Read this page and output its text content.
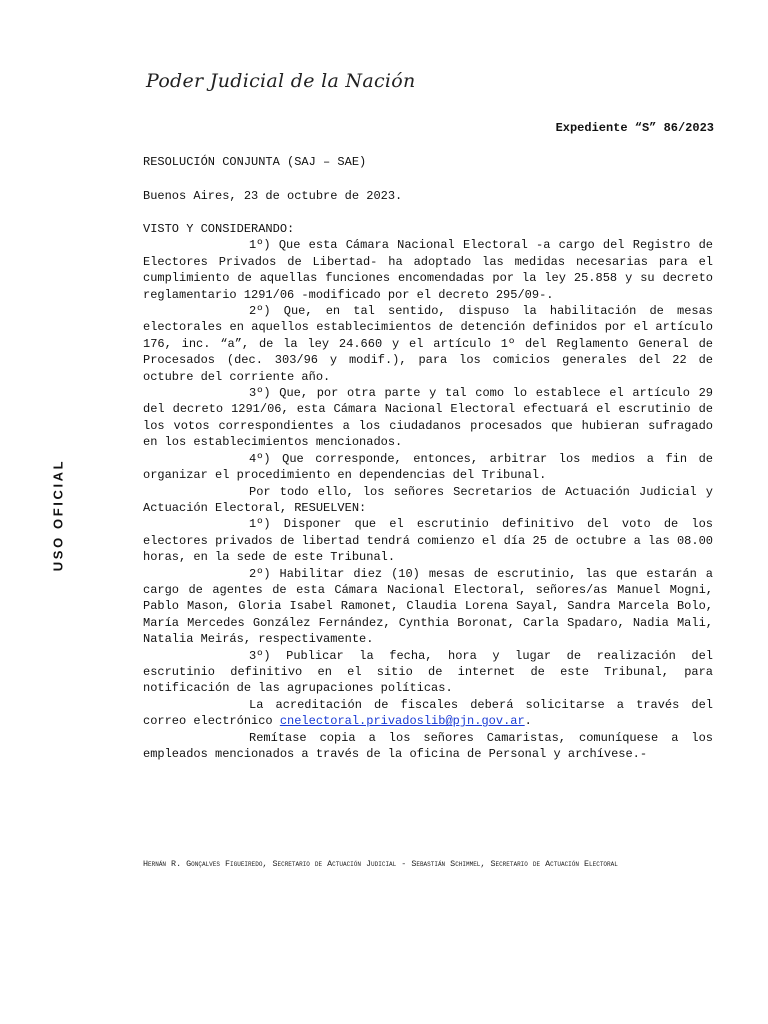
Poder Judicial de la Nación
Expediente “S” 86/2023
USO OFICIAL
RESOLUCIÓN CONJUNTA (SAJ – SAE)
Buenos Aires, 23 de octubre de 2023.

VISTO Y CONSIDERANDO:

1º) Que esta Cámara Nacional Electoral -a cargo del Registro de Electores Privados de Libertad- ha adoptado las medidas necesarias para el cumplimiento de aquellas funciones encomendadas por la ley 25.858 y su decreto reglamentario 1291/06 -modificado por el decreto 295/09-.

2º) Que, en tal sentido, dispuso la habilitación de mesas electorales en aquellos establecimientos de detención definidos por el artículo 176, inc. “a”, de la ley 24.660 y el artículo 1º del Reglamento General de Procesados (dec. 303/96 y modif.), para los comicios generales del 22 de octubre del corriente año.

3º) Que, por otra parte y tal como lo establece el artículo 29 del decreto 1291/06, esta Cámara Nacional Electoral efectuará el escrutinio de los votos correspondientes a los ciudadanos procesados que hubieran sufragado en los establecimientos mencionados.

4º) Que corresponde, entonces, arbitrar los medios a fin de organizar el procedimiento en dependencias del Tribunal.

Por todo ello, los señores Secretarios de Actuación Judicial y Actuación Electoral, RESUELVEN:

1º) Disponer que el escrutinio definitivo del voto de los electores privados de libertad tendrá comienzo el día 25 de octubre a las 08.00 horas, en la sede de este Tribunal.

2º) Habilitar diez (10) mesas de escrutinio, las que estarán a cargo de agentes de esta Cámara Nacional Electoral, señores/as Manuel Mogni, Pablo Mason, Gloria Isabel Ramonet, Claudia Lorena Sayal, Sandra Marcela Bolo, María Mercedes González Fernández, Cynthia Boronat, Carla Spadaro, Nadia Mali, Natalia Meirás, respectivamente.

3º) Publicar la fecha, hora y lugar de realización del escrutinio definitivo en el sitio de internet de este Tribunal, para notificación de las agrupaciones políticas.

La acreditación de fiscales deberá solicitarse a través del correo electrónico cnelectoral.privadoslib@pjn.gov.ar.

Remítase copia a los señores Camaristas, comuníquese a los empleados mencionados a través de la oficina de Personal y archívese.-

Hernán R. Gonçalves Figueiredo, Secretario de Actuación Judicial - Sebastián Schimmel, Secretario de Actuación Electoral
